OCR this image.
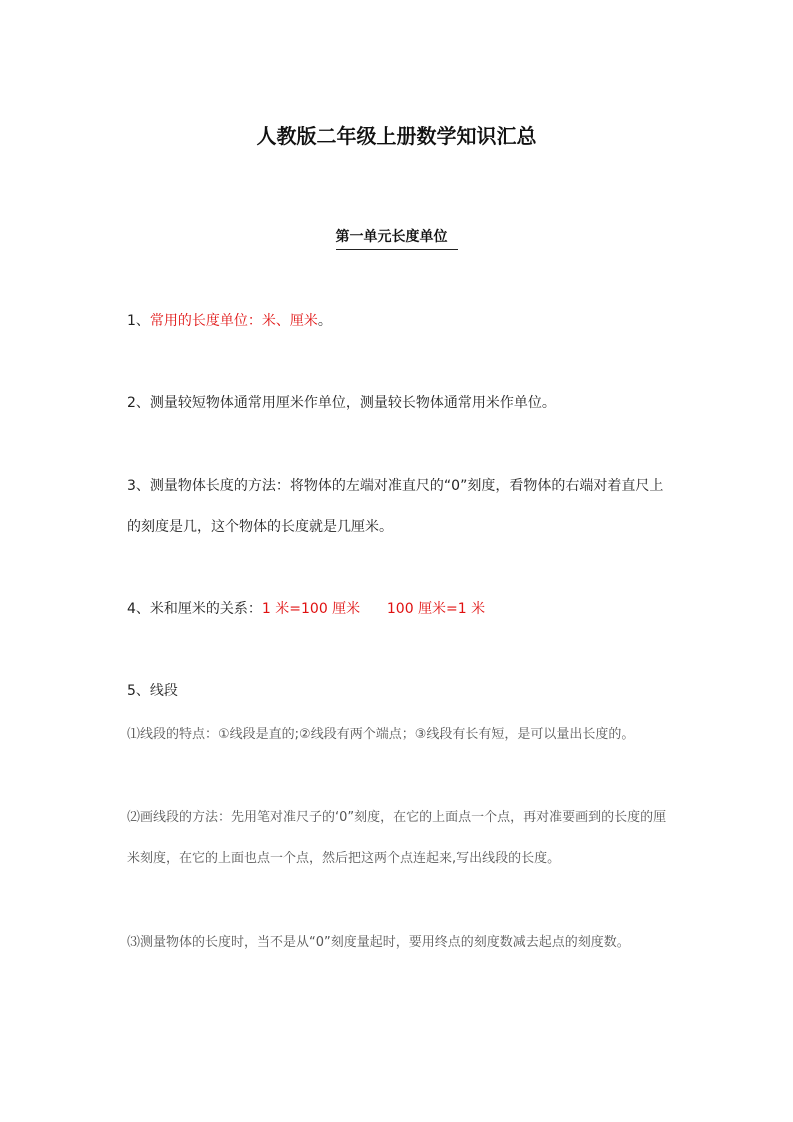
人教版二年级上册数学知识汇总
第一单元长度单位
1、常用的长度单位：米、厘米。
2、测量较短物体通常用厘米作单位，测量较长物体通常用米作单位。
3、测量物体长度的方法：将物体的左端对准直尺的“0”刻度，看物体的右端对着直尺上的刻度是几，这个物体的长度就是几厘米。
4、米和厘米的关系：1 米=100 厘米 100 厘米=1 米
5、线段
⑴线段的特点：①线段是直的;②线段有两个端点；③线段有长有短，是可以量出长度的。
⑵画线段的方法：先用笔对准尺子的‘0”刻度，在它的上面点一个点，再对准要画到的长度的厘米刻度，在它的上面也点一个点，然后把这两个点连起来,写出线段的长度。
⑶测量物体的长度时，当不是从“0”刻度量起时，要用终点的刻度数减去起点的刻度数。
